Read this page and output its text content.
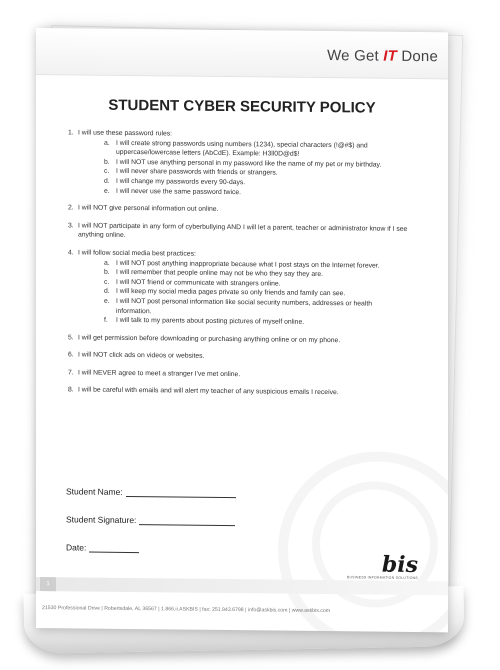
We Get IT Done
STUDENT CYBER SECURITY POLICY
1. I will use these password rules:
a. I will create strong passwords using numbers (1234), special characters (!@#$) and uppercase/lowercase letters (AbCdE). Example: H3ll0D@d$!
b. I will NOT use anything personal in my password like the name of my pet or my birthday.
c. I will never share passwords with friends or strangers.
d. I will change my passwords every 90-days.
e. I will never use the same password twice.
2. I will NOT give personal information out online.
3. I will NOT participate in any form of cyberbullying AND I will let a parent, teacher or administrator know if I see anything online.
4. I will follow social media best practices:
a. I will NOT post anything inappropriate because what I post stays on the Internet forever.
b. I will remember that people online may not be who they say they are.
c. I will NOT friend or communicate with strangers online.
d. I will keep my social media pages private so only friends and family can see.
e. I will NOT post personal information like social security numbers, addresses or health information.
f.	I will talk to my parents about posting pictures of myself online.
5. I will get permission before downloading or purchasing anything online or on my phone.
6. I will NOT click ads on videos or websites.
7. I will NEVER agree to meet a stranger I've met online.
8. I will be careful with emails and will alert my teacher of any suspicious emails I receive.
Student Name:
Student Signature:
Date:
bis
BUSINESS INFORMATION SOLUTIONS
1
21530 Professional Drive | Robertsdale, AL 36567 | 1.866.ii.ASKBIS | fax: 251.943.6798 | info@askbis.com | www.askbis.com
